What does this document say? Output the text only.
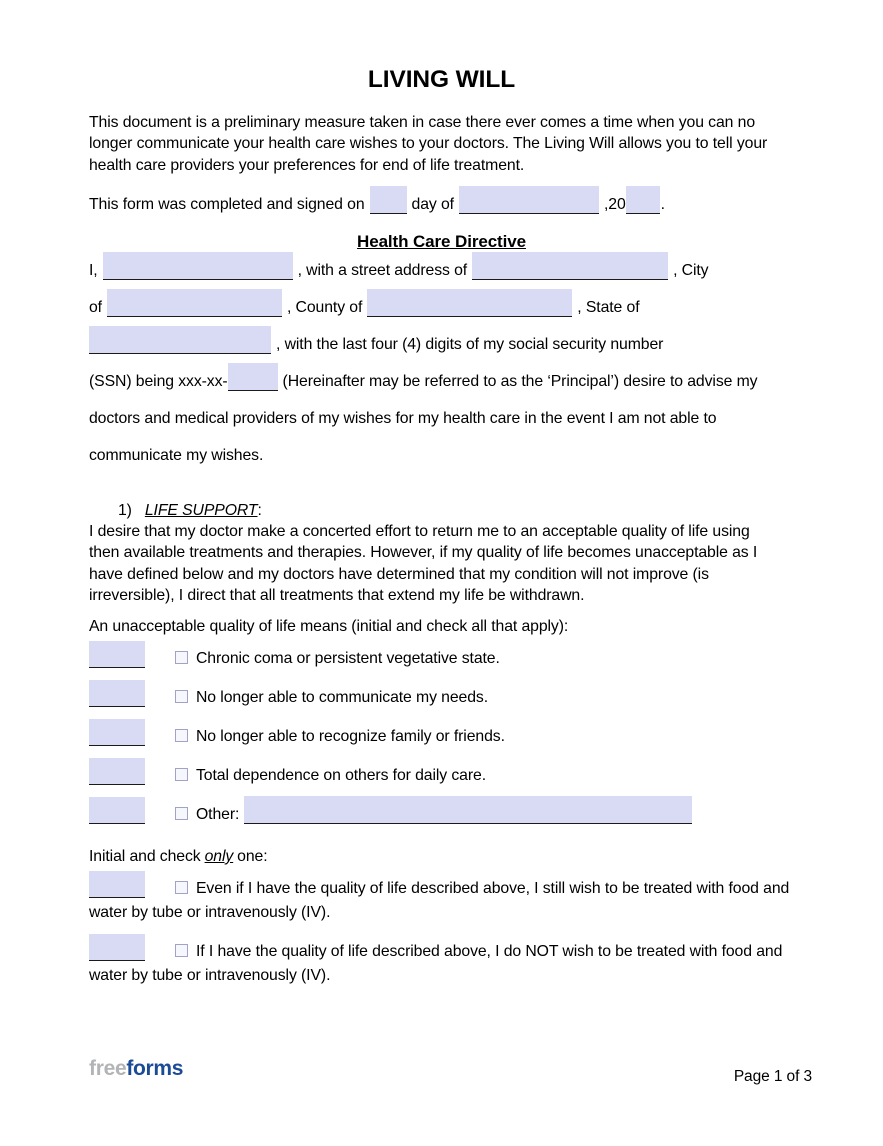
LIVING WILL
This document is a preliminary measure taken in case there ever comes a time when you can no
longer communicate your health care wishes to your doctors. The Living Will allows you to tell your
health care providers your preferences for end of life treatment.
This form was completed and signed on	day of	,20 .
Health Care Directive
I,	, with a street address of	, City
of	, County of	, State of
, with the last four (4) digits of my social security number
(SSN) being xxx-xx-	(Hereinafter may be referred to as the ‘Principal’) desire to advise my
doctors and medical providers of my wishes for my health care in the event I am not able to
communicate my wishes.
1) LIFE SUPPORT:
I desire that my doctor make a concerted effort to return me to an acceptable quality of life using
then available treatments and therapies. However, if my quality of life becomes unacceptable as I
have defined below and my doctors have determined that my condition will not improve (is
irreversible), I direct that all treatments that extend my life be withdrawn.
An unacceptable quality of life means (initial and check all that apply):
Chronic coma or persistent vegetative state.
No longer able to communicate my needs.
No longer able to recognize family or friends.
Total dependence on others for daily care.
Other:
Initial and check only one:
Even if I have the quality of life described above, I still wish to be treated with food and
water by tube or intravenously (IV).
If I have the quality of life described above, I do NOT wish to be treated with food and
water by tube or intravenously (IV).
freeforms	Page 1 of 3
